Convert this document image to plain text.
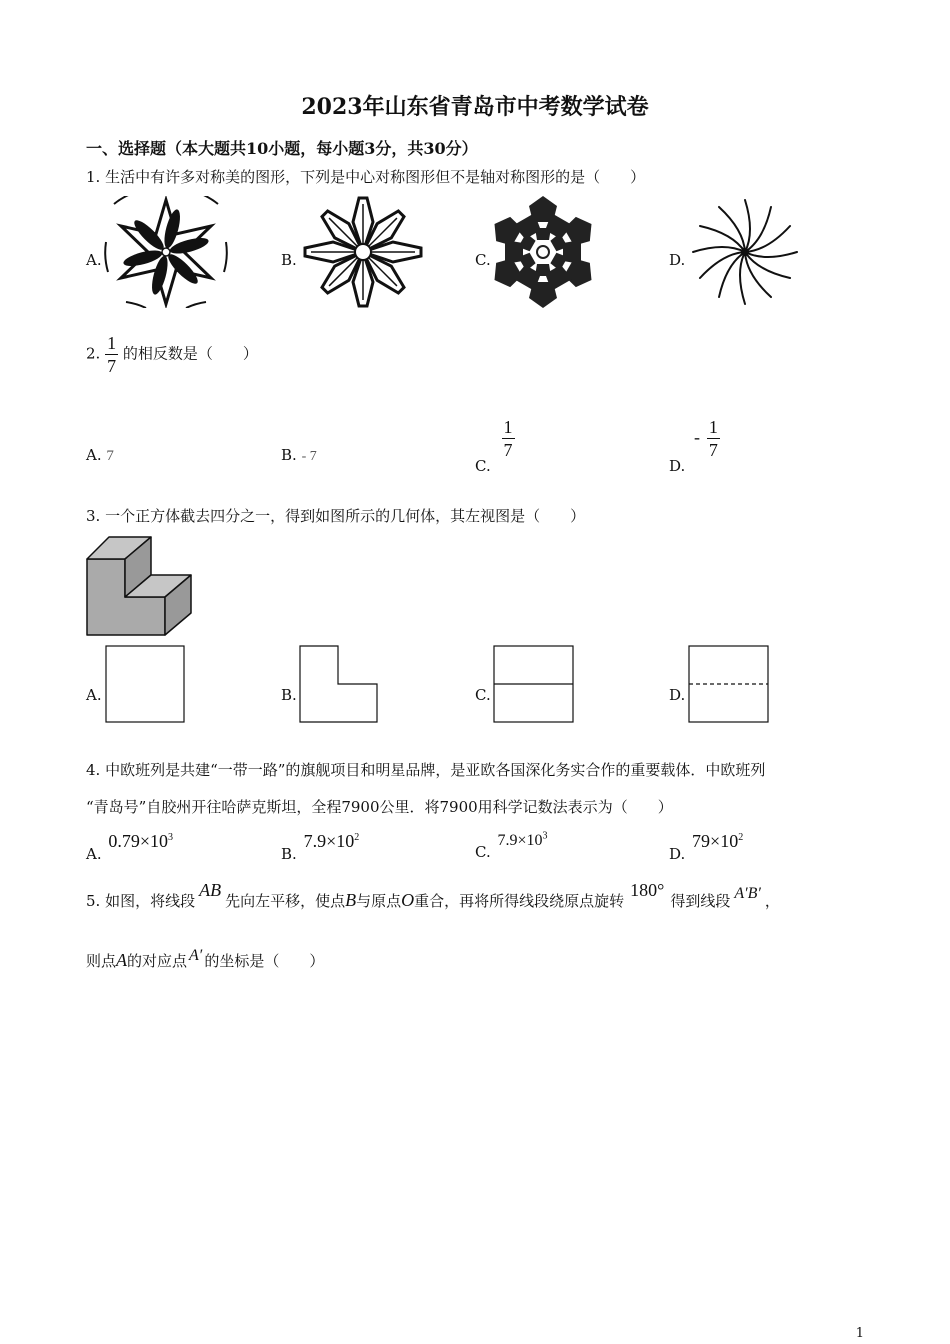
2023年山东省青岛市中考数学试卷
一、选择题（本大题共10小题，每小题3分，共30分）
1. 生活中有许多对称美的图形，下列是中心对称图形但不是轴对称图形的是（　　）
A.	B.	C.	D.
2. $\frac{1}{7}$ 的相反数是（　　）
A. 7	B. - 7	C.
$\frac{1}{7}$
D. - $\frac{1}{7}$
3. 一个正方体截去四分之一，得到如图所示的几何体，其左视图是（　　）
A.	B.	C.	D.
4. 中欧班列是共建“一带一路”的旗舰项目和明星品牌，是亚欧各国深化务实合作的重要载体．中欧班列
“青岛号”自胶州开往哈萨克斯坦，全程7900公里．将7900用科学记数法表示为（　　）
A. $0.79\times 10^3$
B. $7.9\times 10^2$
C. $7.9\times 10^3$
D. $79\times 10^2$
5. 如图，将线段AB先向左平移，使点B与原点O重合，再将所得线段绕原点旋转180°得到线段 A′B′ ，
则点A的对应点 A′ 的坐标是（　　）
1
